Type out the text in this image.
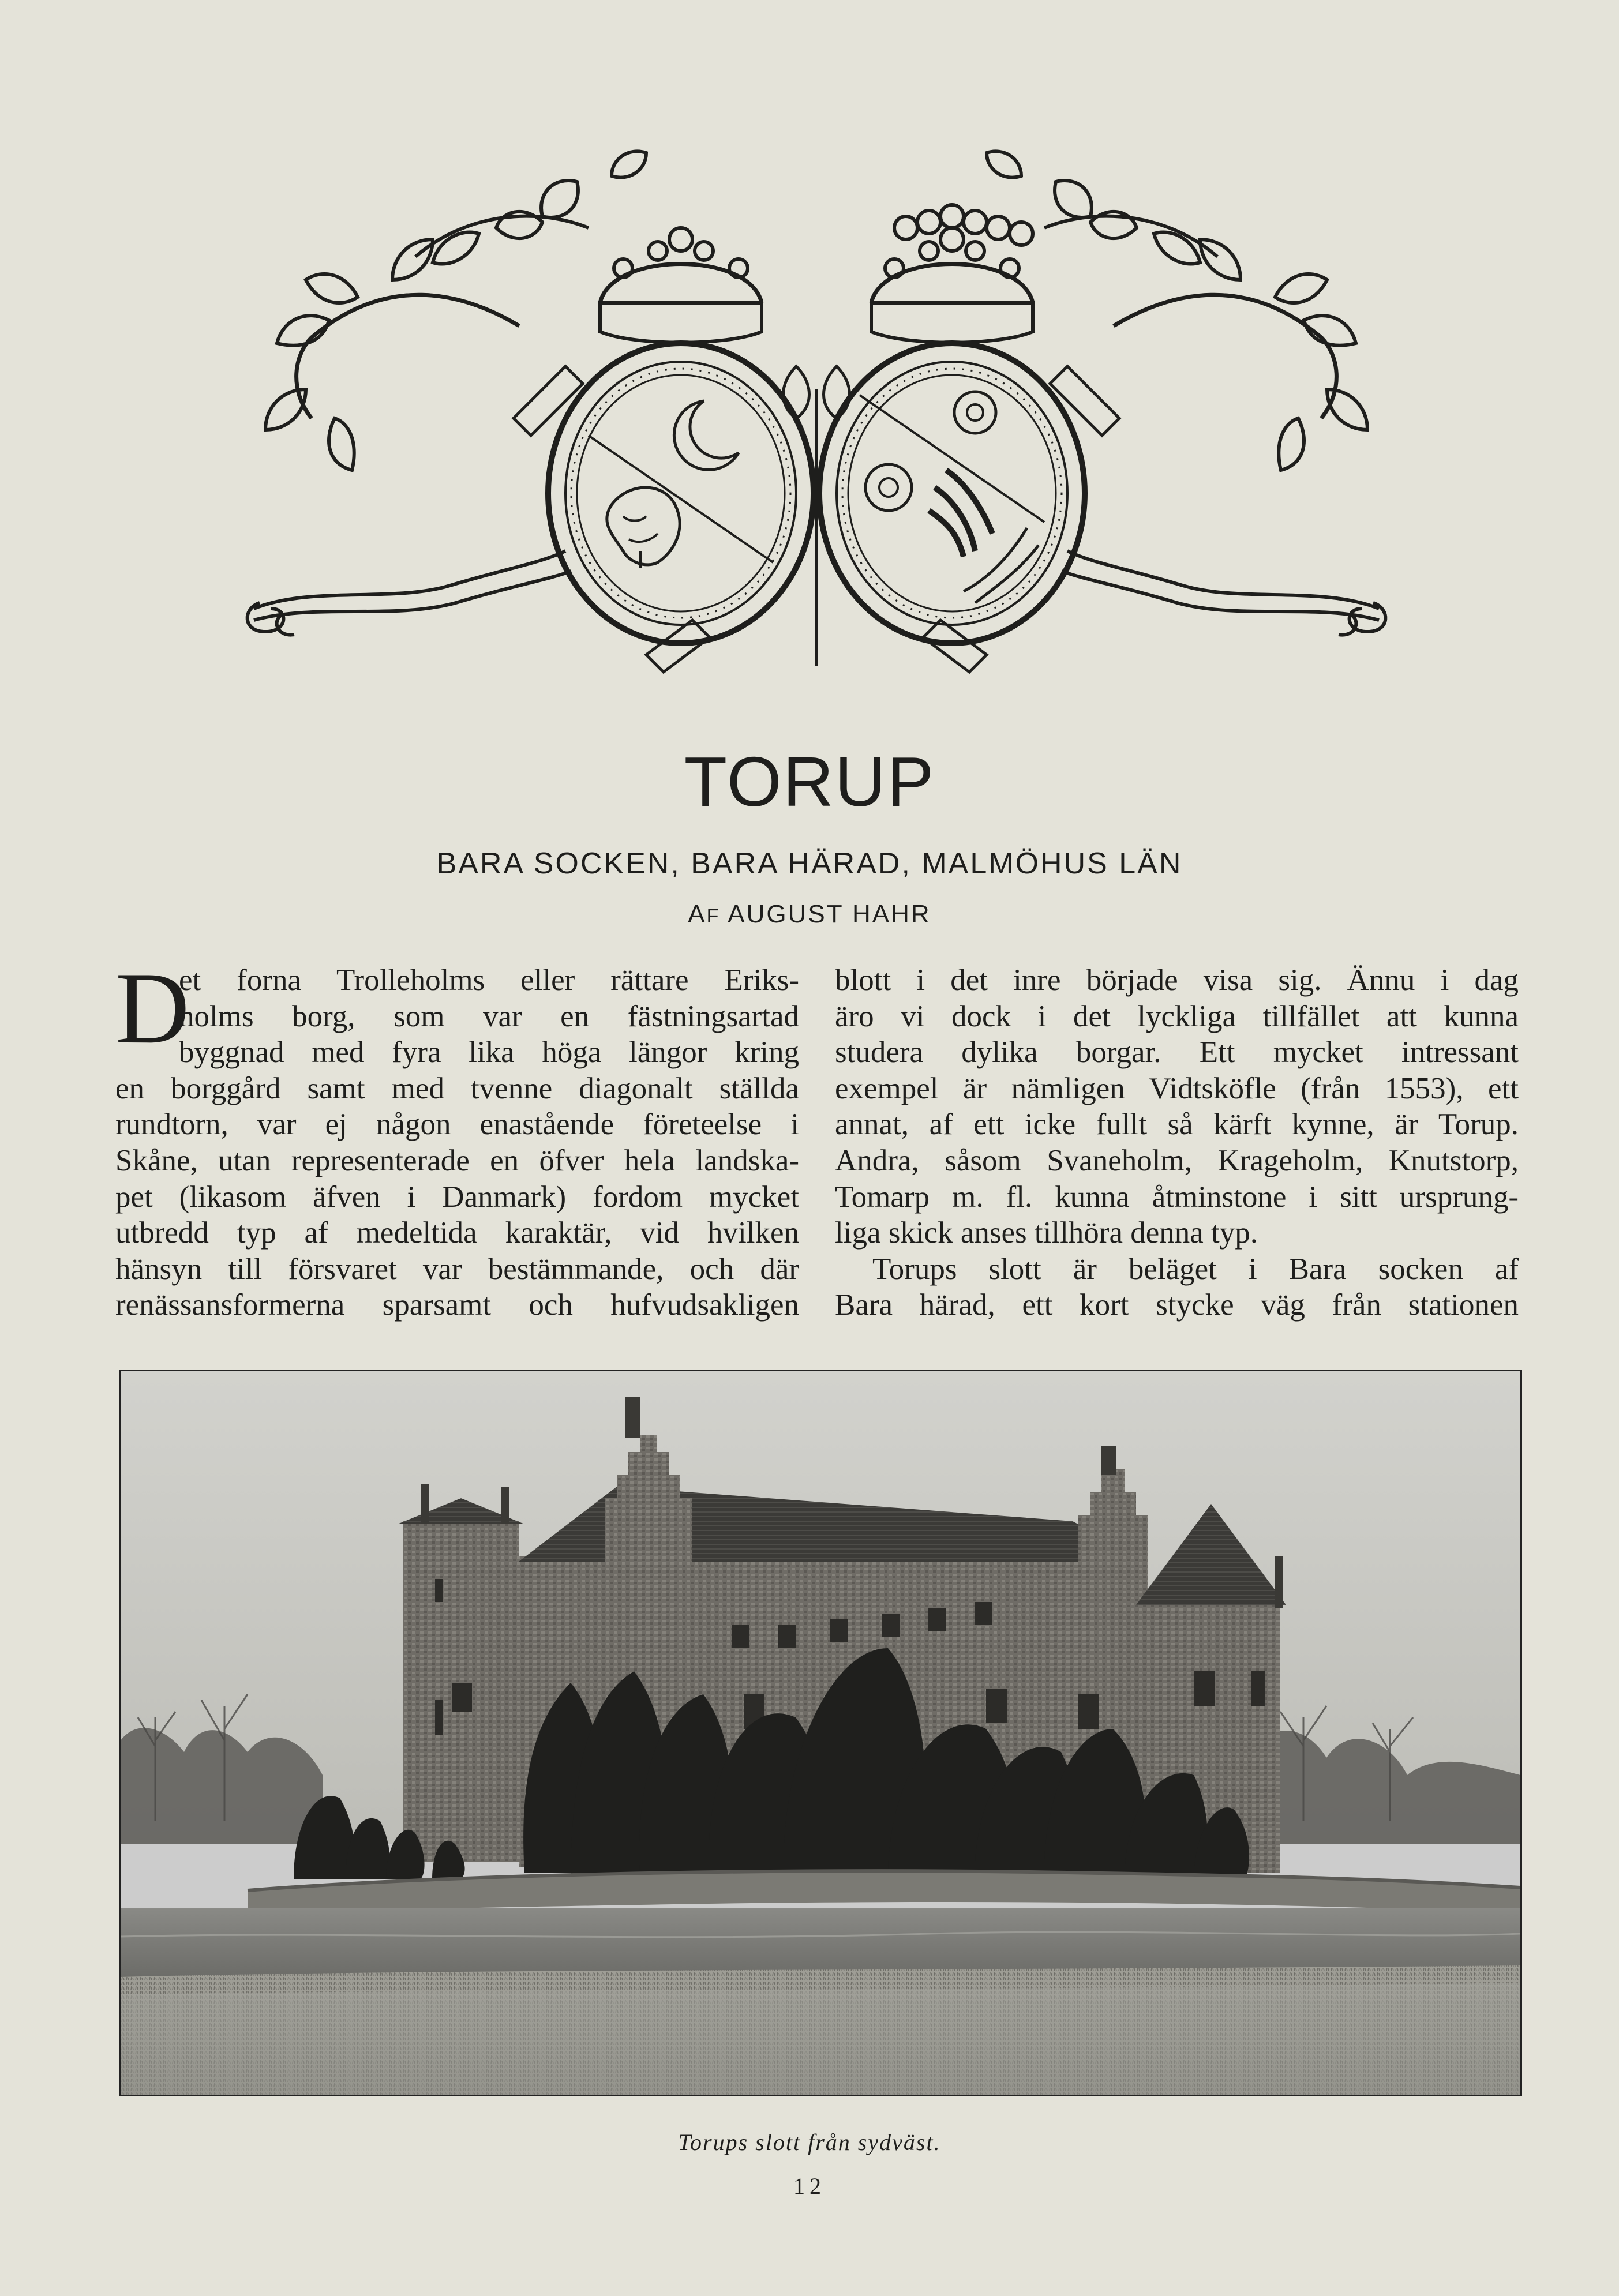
TORUP
BARA SOCKEN, BARA HÄRAD, MALMÖHUS LÄN
AF AUGUST HAHR
D
et forna Trolleholms eller rättare Eriks-
holms borg, som var en fästningsartad
byggnad med fyra lika höga längor kring
en borggård samt med tvenne diagonalt ställda
rundtorn, var ej någon enastående företeelse i
Skåne, utan representerade en öfver hela landska-
pet (likasom äfven i Danmark) fordom mycket
utbredd typ af medeltida karaktär, vid hvilken
hänsyn till försvaret var bestämmande, och där
renässansformerna sparsamt och hufvudsakligen
blott i det inre började visa sig. Ännu i dag
äro vi dock i det lyckliga tillfället att kunna
studera dylika borgar. Ett mycket intressant
exempel är nämligen Vidtsköfle (från 1553), ett
annat, af ett icke fullt så kärft kynne, är Torup.
Andra, såsom Svaneholm, Krageholm, Knutstorp,
Tomarp m. fl. kunna åtminstone i sitt ursprung-
liga skick anses tillhöra denna typ.
Torups slott är beläget i Bara socken af
Bara härad, ett kort stycke väg från stationen
Torups slott från sydväst.
12
